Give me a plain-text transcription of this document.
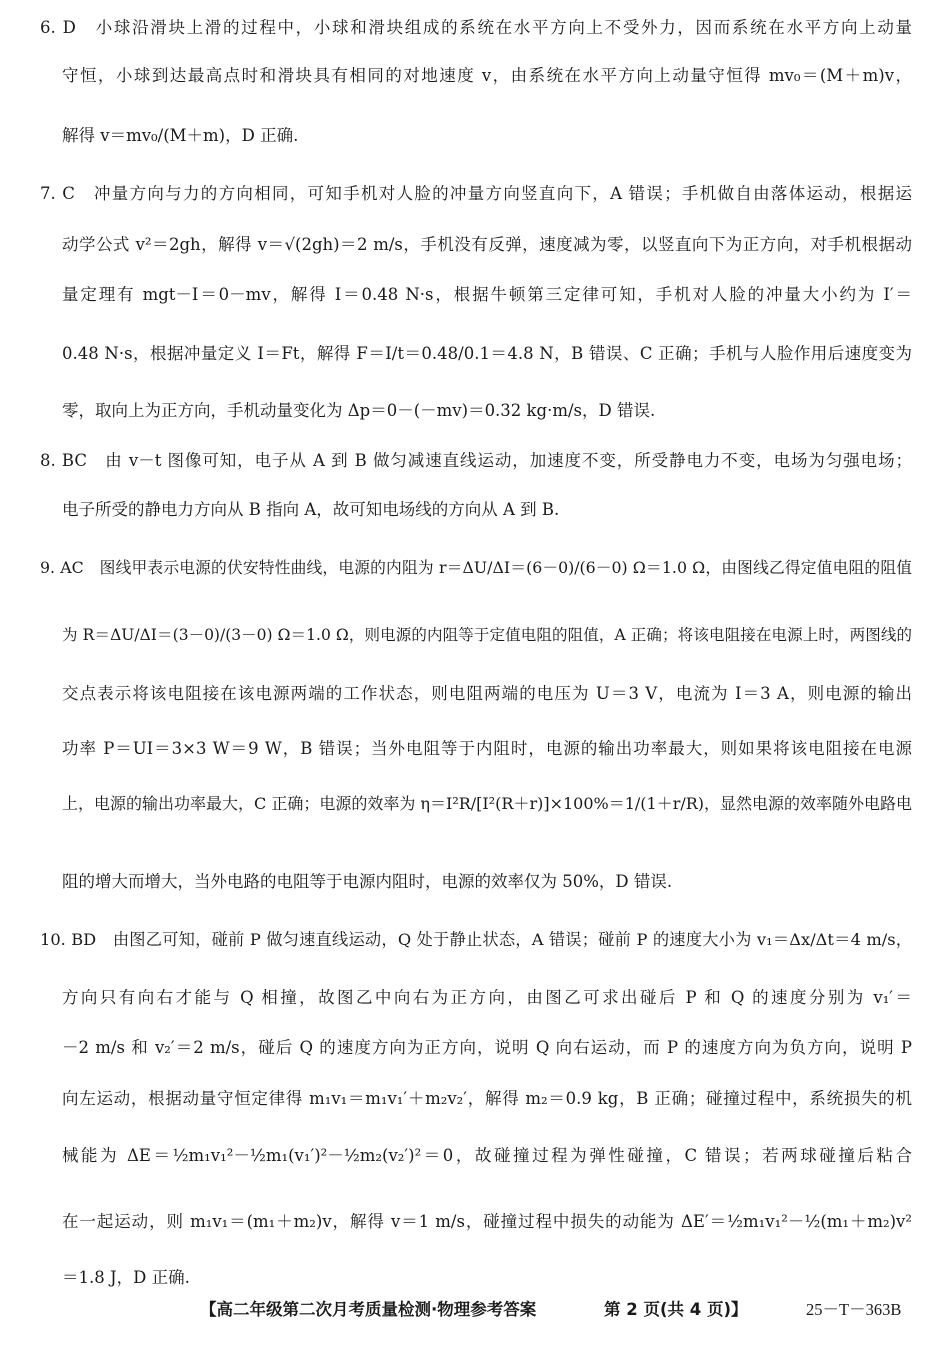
6. D　小球沿滑块上滑的过程中，小球和滑块组成的系统在水平方向上不受外力，因而系统在水平方向上动量
守恒，小球到达最高点时和滑块具有相同的对地速度 v，由系统在水平方向上动量守恒得 mv₀＝(M＋m)v，
解得 v＝mv₀/(M＋m)，D 正确.
7. C　冲量方向与力的方向相同，可知手机对人脸的冲量方向竖直向下，A 错误；手机做自由落体运动，根据运
动学公式 v²＝2gh，解得 v＝√(2gh)＝2 m/s，手机没有反弹，速度减为零，以竖直向下为正方向，对手机根据动
量定理有 mgt－I＝0－mv，解得 I＝0.48 N·s，根据牛顿第三定律可知，手机对人脸的冲量大小约为 I′＝
0.48 N·s，根据冲量定义 I＝Ft，解得 F＝I/t＝0.48/0.1＝4.8 N，B 错误、C 正确；手机与人脸作用后速度变为
零，取向上为正方向，手机动量变化为 Δp＝0－(－mv)＝0.32 kg·m/s，D 错误.
8. BC　由 v－t 图像可知，电子从 A 到 B 做匀减速直线运动，加速度不变，所受静电力不变，电场为匀强电场；
电子所受的静电力方向从 B 指向 A，故可知电场线的方向从 A 到 B.
9. AC　图线甲表示电源的伏安特性曲线，电源的内阻为 r＝ΔU/ΔI＝(6－0)/(6－0) Ω＝1.0 Ω，由图线乙得定值电阻的阻值
为 R＝ΔU/ΔI＝(3－0)/(3－0) Ω＝1.0 Ω，则电源的内阻等于定值电阻的阻值，A 正确；将该电阻接在电源上时，两图线的
交点表示将该电阻接在该电源两端的工作状态，则电阻两端的电压为 U＝3 V，电流为 I＝3 A，则电源的输出
功率 P＝UI＝3×3 W＝9 W，B 错误；当外电阻等于内阻时，电源的输出功率最大，则如果将该电阻接在电源
上，电源的输出功率最大，C 正确；电源的效率为 η＝I²R/[I²(R＋r)]×100%＝1/(1＋r/R)，显然电源的效率随外电路电
阻的增大而增大，当外电路的电阻等于电源内阻时，电源的效率仅为 50%，D 错误.
10. BD　由图乙可知，碰前 P 做匀速直线运动，Q 处于静止状态，A 错误；碰前 P 的速度大小为 v₁＝Δx/Δt＝4 m/s，
方向只有向右才能与 Q 相撞，故图乙中向右为正方向，由图乙可求出碰后 P 和 Q 的速度分别为 v₁′＝
－2 m/s 和 v₂′＝2 m/s，碰后 Q 的速度方向为正方向，说明 Q 向右运动，而 P 的速度方向为负方向，说明 P
向左运动，根据动量守恒定律得 m₁v₁＝m₁v₁′＋m₂v₂′，解得 m₂＝0.9 kg，B 正确；碰撞过程中，系统损失的机
械能为 ΔE＝½m₁v₁²－½m₁(v₁′)²－½m₂(v₂′)²＝0，故碰撞过程为弹性碰撞，C 错误；若两球碰撞后粘合
在一起运动，则 m₁v₁＝(m₁＋m₂)v，解得 v＝1 m/s，碰撞过程中损失的动能为 ΔE′＝½m₁v₁²－½(m₁＋m₂)v²
＝1.8 J，D 正确.
【高二年级第二次月考质量检测·物理参考答案	第 2 页(共 4 页)】	25－T－363B
